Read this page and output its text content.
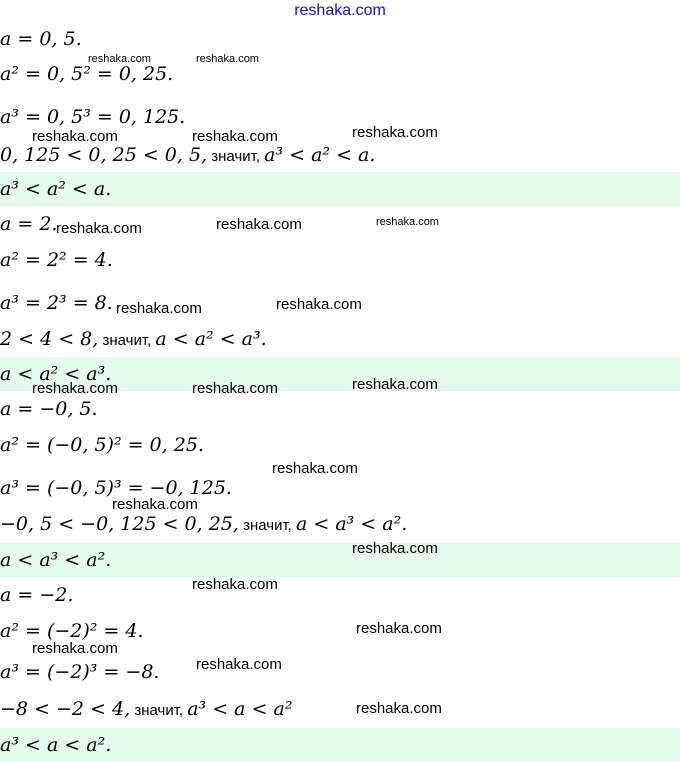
reshaka.com
a = 0, 5.
a² = 0, 5² = 0, 25.
a³ = 0, 5³ = 0, 125.
0, 125 < 0, 25 < 0, 5, значит, a³ < a² < a.
a³ < a² < a.
a = 2.
a² = 2² = 4.
a³ = 2³ = 8.
2 < 4 < 8, значит, a < a² < a³.
a < a² < a³.
a = −0, 5.
a² = (−0, 5)² = 0, 25.
a³ = (−0, 5)³ = −0, 125.
−0, 5 < −0, 125 < 0, 25, значит, a < a³ < a².
a < a³ < a².
a = −2.
a² = (−2)² = 4.
a³ = (−2)³ = −8.
−8 < −2 < 4, значит, a³ < a < a²
a³ < a < a².
reshaka.com	reshaka.com
reshaka.com	reshaka.com	reshaka.com
reshaka.com	reshaka.com	reshaka.com
reshaka.com	reshaka.com
reshaka.com	reshaka.com	reshaka.com
reshaka.com
reshaka.com
reshaka.com
reshaka.com
reshaka.com
reshaka.com
reshaka.com
reshaka.com
